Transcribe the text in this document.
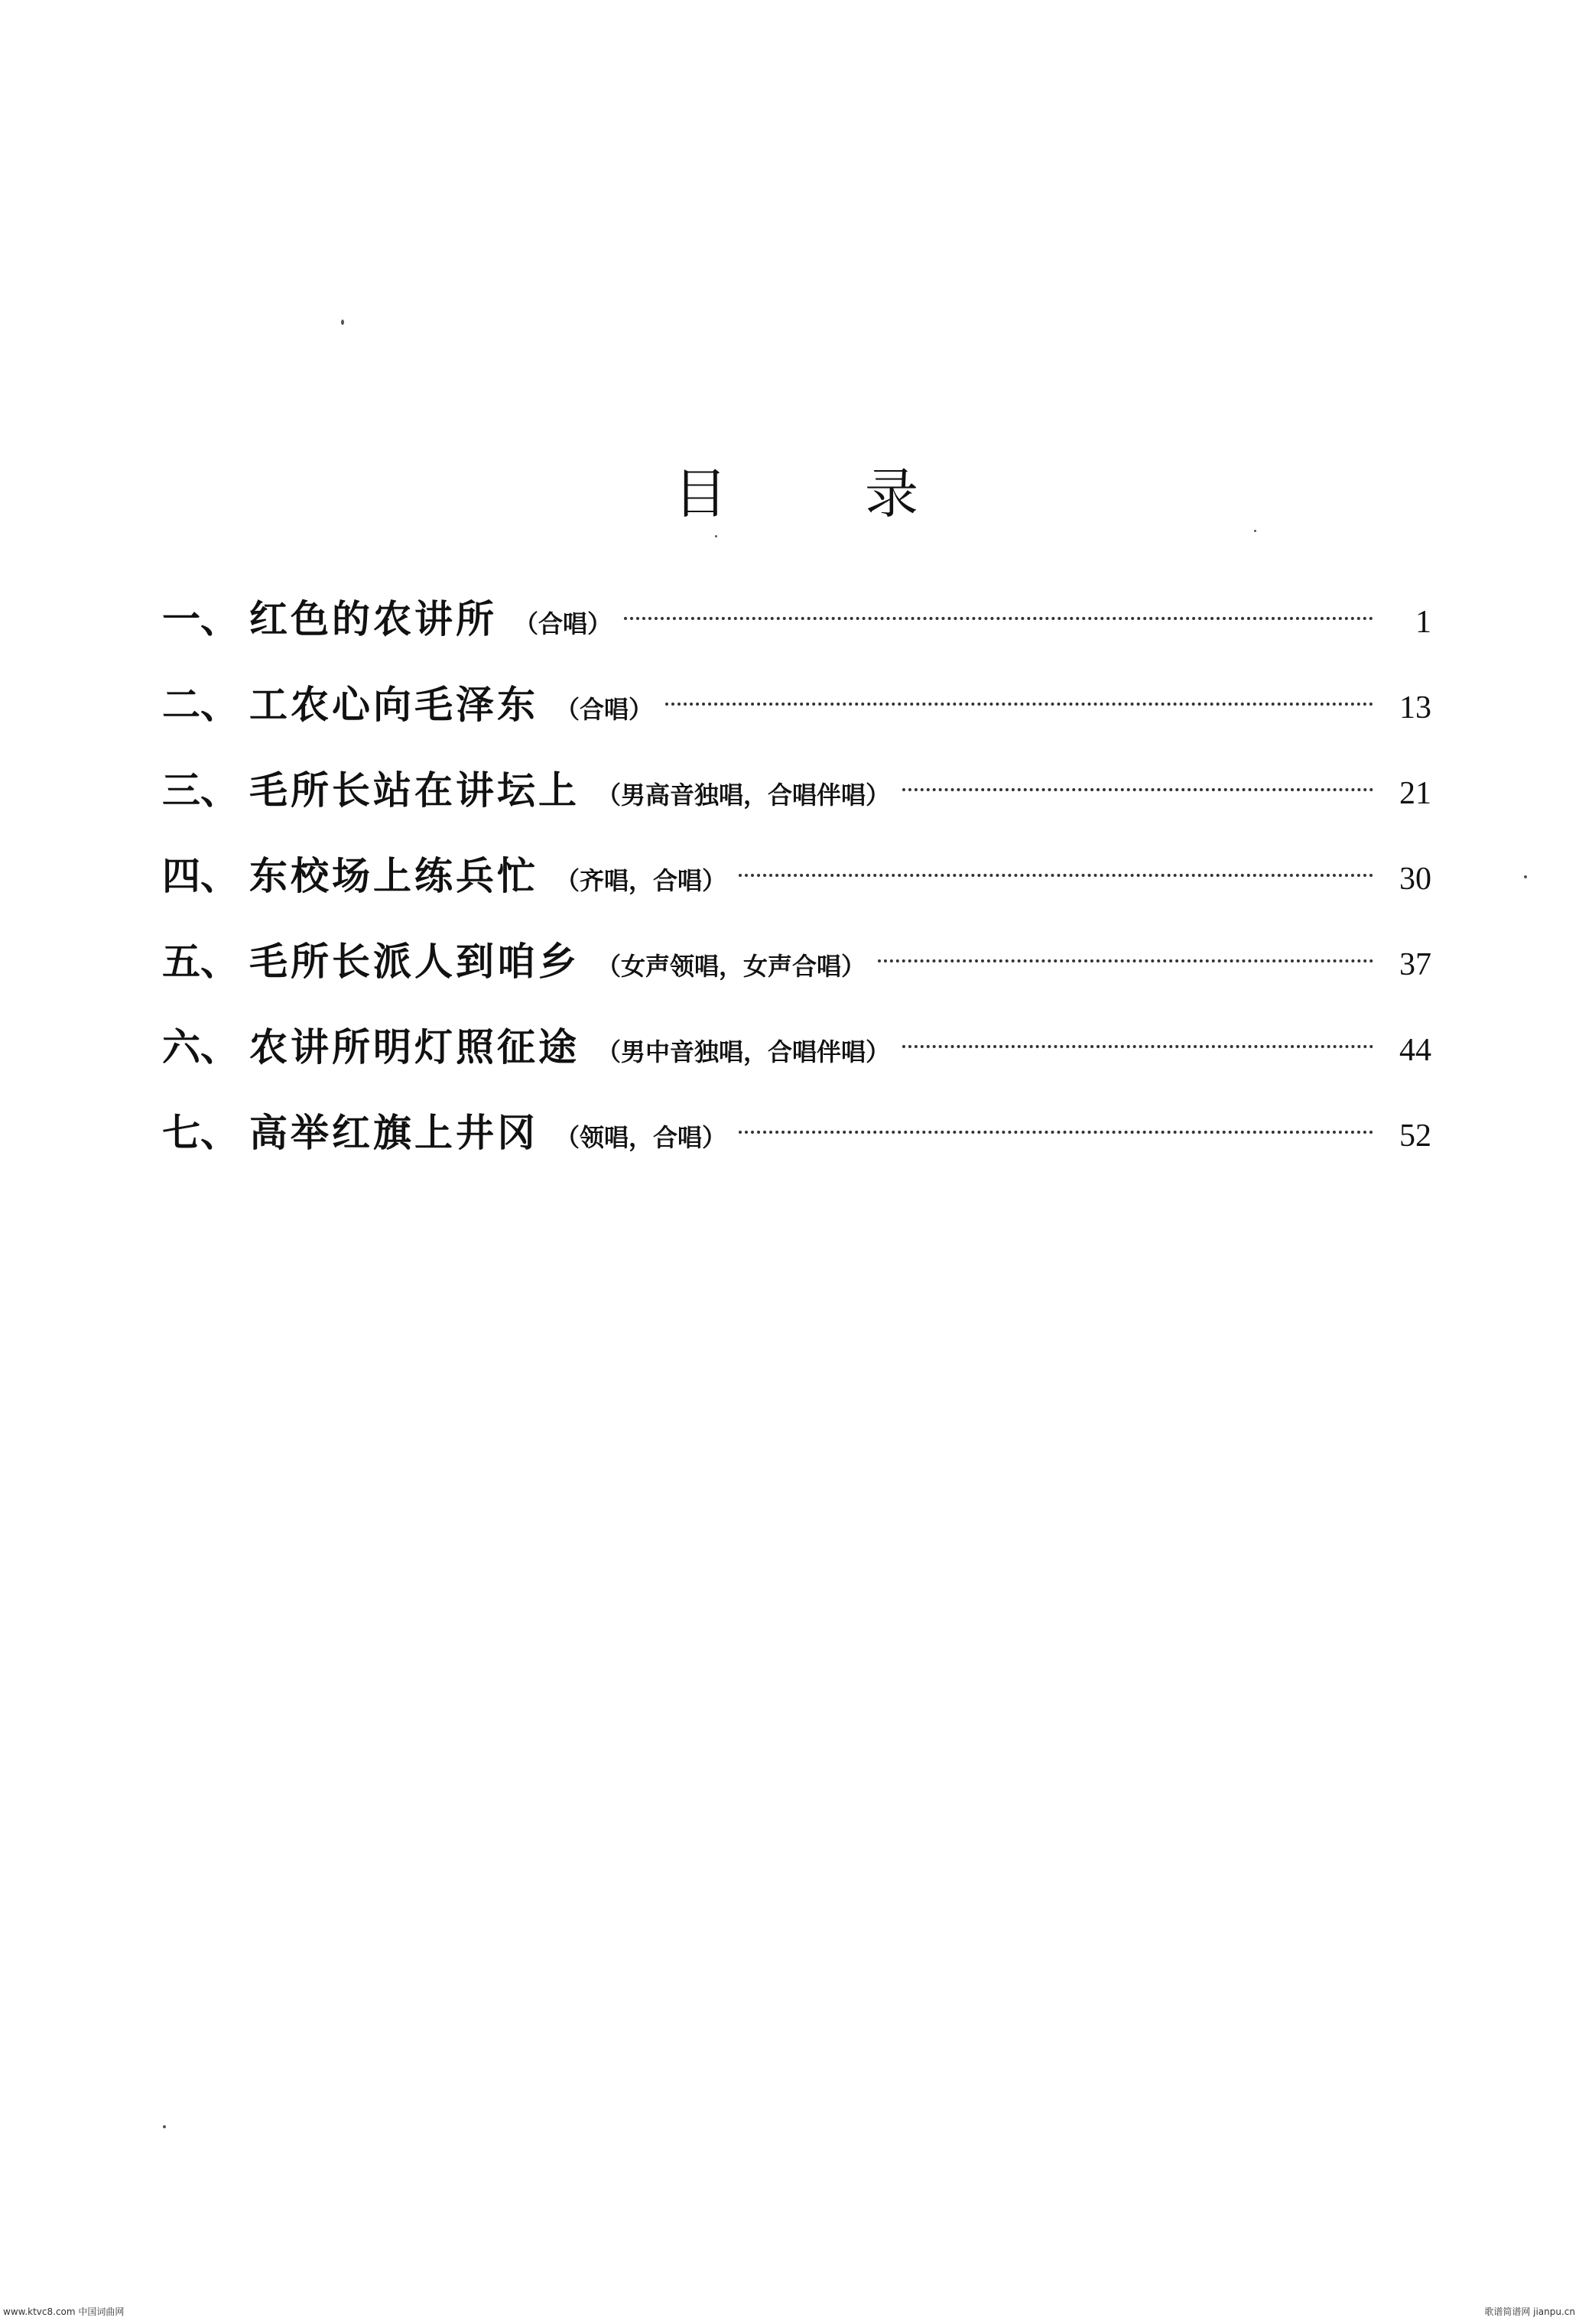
目	录
一 、 红色的农讲所 （合唱）	1
二 、 工农心向毛泽东 （合唱）	13
三 、 毛所长站在讲坛上 （男高音独唱，合唱伴唱）	21
四 、 东校场上练兵忙 （齐唱，合唱）	30
五 、 毛所长派人到咱乡 （女声领唱，女声合唱）	37
六 、 农讲所明灯照征途 （男中音独唱，合唱伴唱）	44
七 、 高举红旗上井冈 （领唱，合唱）	52
www.ktvc8.com 中国词曲网	歌谱简谱网 jianpu.cn
